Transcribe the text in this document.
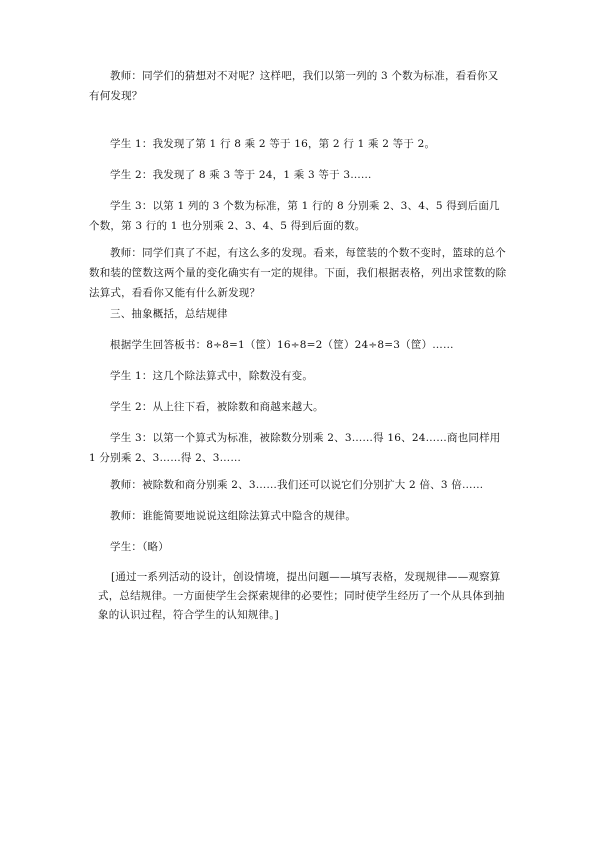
教师：同学们的猜想对不对呢？这样吧，我们以第一列的 3 个数为标准，看看你又有何发现？

学生 1：我发现了第 1 行 8 乘 2 等于 16，第 2 行 1 乘 2 等于 2。

学生 2：我发现了 8 乘 3 等于 24，1 乘 3 等于 3……

学生 3：以第 1 列的 3 个数为标准，第 1 行的 8 分别乘 2、3、4、5 得到后面几个数，第 3 行的 1 也分别乘 2、3、4、5 得到后面的数。

教师：同学们真了不起，有这么多的发现。看来，每筐装的个数不变时，篮球的总个数和装的筐数这两个量的变化确实有一定的规律。下面，我们根据表格，列出求筐数的除法算式，看看你又能有什么新发现？

三、抽象概括，总结规律

根据学生回答板书：8÷8=1（筐）16÷8=2（筐）24÷8=3（筐）……

学生 1：这几个除法算式中，除数没有变。

学生 2：从上往下看，被除数和商越来越大。

学生 3：以第一个算式为标准，被除数分别乘 2、3……得 16、24……商也同样用 1 分别乘 2、3……得 2、3……

教师：被除数和商分别乘 2、3……我们还可以说它们分别扩大 2 倍、3 倍……

教师：谁能简要地说说这组除法算式中隐含的规律。

学生：（略）

[通过一系列活动的设计，创设情境，提出问题——填写表格，发现规律——观察算式，总结规律。一方面使学生会探索规律的必要性；同时使学生经历了一个从具体到抽象的认识过程，符合学生的认知规律。]
